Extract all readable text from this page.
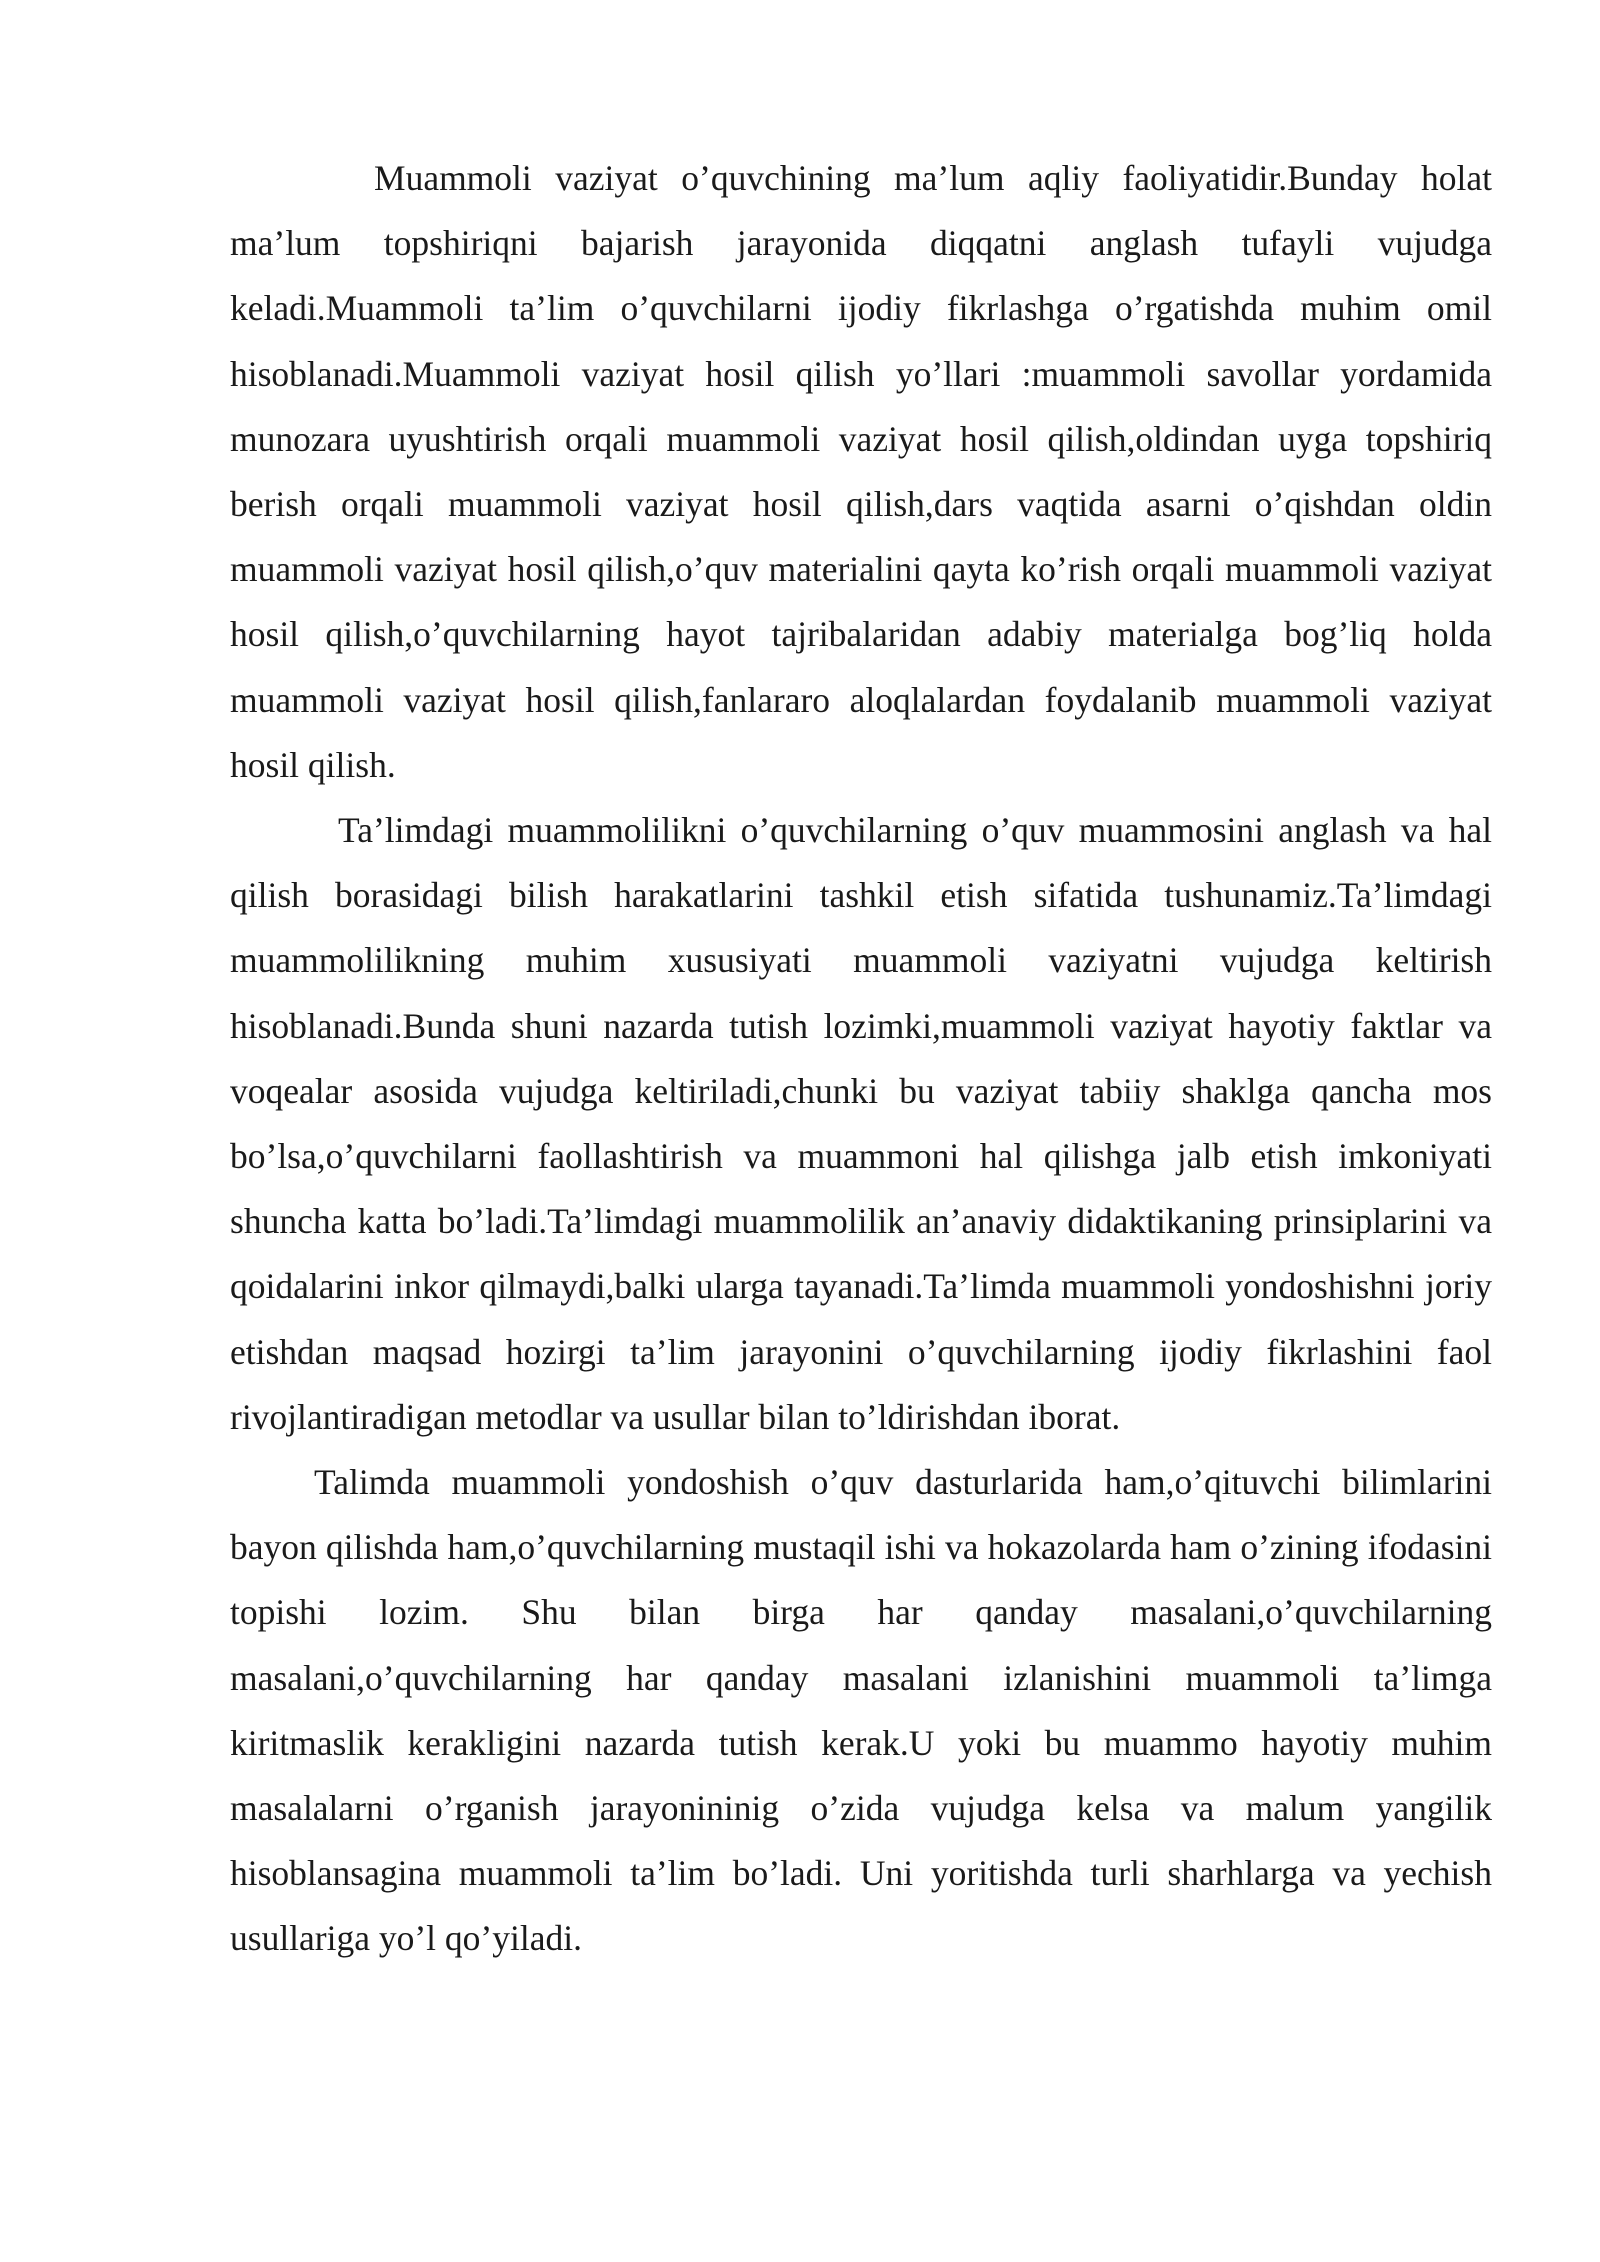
Muammoli vaziyat o’quvchining ma’lum aqliy faoliyatidir.Bunday holat ma’lum topshiriqni bajarish jarayonida diqqatni anglash tufayli vujudga keladi.Muammoli ta’lim o’quvchilarni ijodiy fikrlashga o’rgatishda muhim omil hisoblanadi.Muammoli vaziyat hosil qilish yo’llari :muammoli savollar yordamida munozara uyushtirish orqali muammoli vaziyat hosil qilish,oldindan uyga topshiriq berish orqali muammoli vaziyat hosil qilish,dars vaqtida asarni o’qishdan oldin muammoli vaziyat hosil qilish,o’quv materialini qayta ko’rish orqali muammoli vaziyat hosil qilish,o’quvchilarning hayot tajribalaridan adabiy materialga bog’liq holda muammoli vaziyat hosil qilish,fanlararo aloqlalardan foydalanib muammoli vaziyat hosil qilish.

Ta’limdagi muammolilikni o’quvchilarning o’quv muammosini anglash va hal qilish borasidagi bilish harakatlarini tashkil etish sifatida tushunamiz.Ta’limdagi muammolilikning muhim xususiyati muammoli vaziyatni vujudga keltirish hisoblanadi.Bunda shuni nazarda tutish lozimki,muammoli vaziyat hayotiy faktlar va voqealar asosida vujudga keltiriladi,chunki bu vaziyat tabiiy shaklga qancha mos bo’lsa,o’quvchilarni faollashtirish va muammoni hal qilishga jalb etish imkoniyati shuncha katta bo’ladi.Ta’limdagi muammolilik an’anaviy didaktikaning prinsiplarini va qoidalarini inkor qilmaydi,balki ularga tayanadi.Ta’limda muammoli yondoshishni joriy etishdan maqsad hozirgi ta’lim jarayonini o’quvchilarning ijodiy fikrlashini faol rivojlantiradigan metodlar va usullar bilan to’ldirishdan iborat.

Talimda muammoli yondoshish o’quv dasturlarida ham,o’qituvchi bilimlarini bayon qilishda ham,o’quvchilarning mustaqil ishi va hokazolarda ham o’zining ifodasini topishi lozim. Shu bilan birga har qanday masalani,o’quvchilarning masalani,o’quvchilarning har qanday masalani izlanishini muammoli ta’limga kiritmaslik kerakligini nazarda tutish kerak.U yoki bu muammo hayotiy muhim masalalarni o’rganish jarayonininig o’zida vujudga kelsa va malum yangilik hisoblansagina muammoli ta’lim bo’ladi. Uni yoritishda turli sharhlarga va yechish usullariga yo’l qo’yiladi.
